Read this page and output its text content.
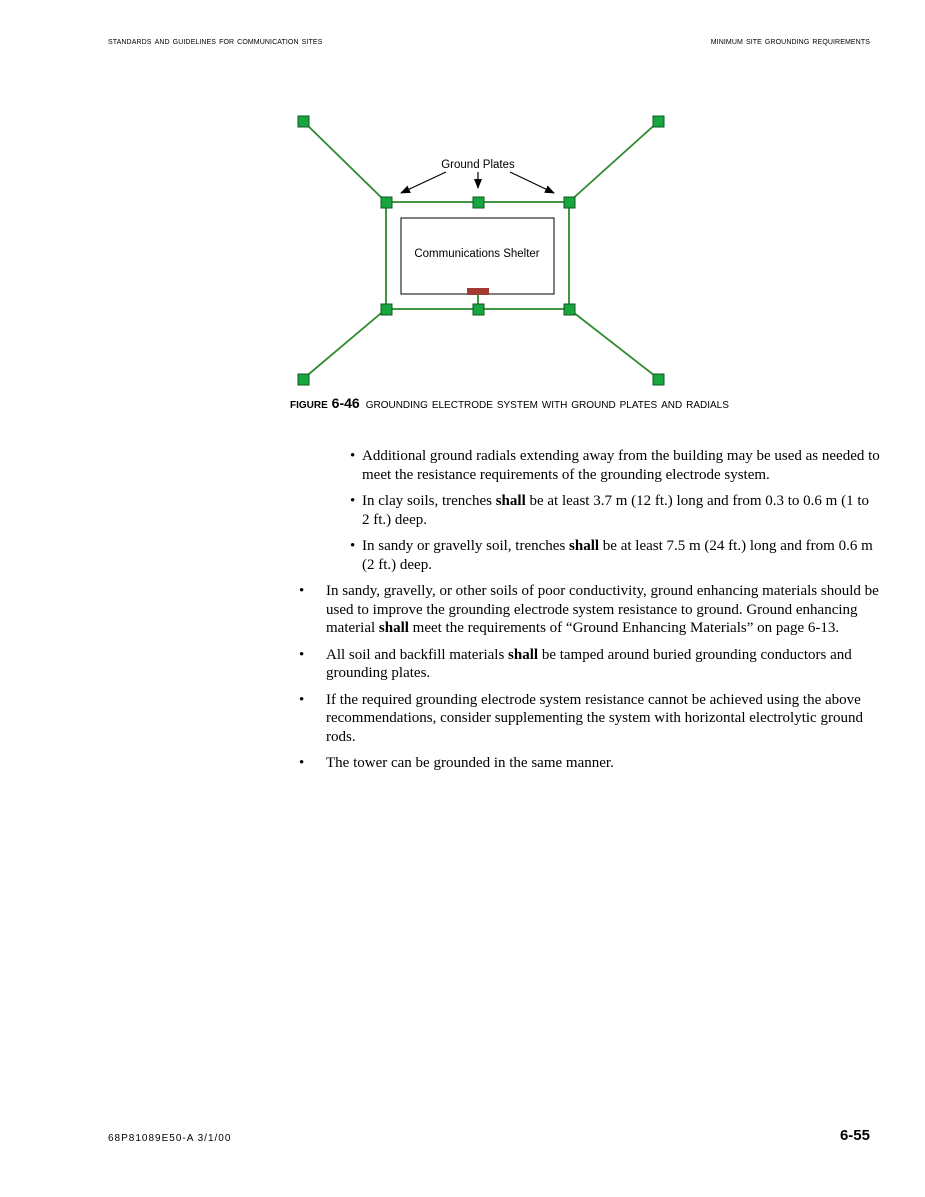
standards and guidelines for communication sites	minimum site grounding requirements
Communications Shelter
Ground Plates
figure 6-46 grounding electrode system with ground plates and radials
• Additional ground radials extending away from the building may be used as needed to meet the resistance requirements of the grounding electrode system.
• In clay soils, trenches shall be at least 3.7 m (12 ft.) long and from 0.3 to 0.6 m (1 to 2 ft.) deep.
• In sandy or gravelly soil, trenches shall be at least 7.5 m (24 ft.) long and from 0.6 m (2 ft.) deep.
• In sandy, gravelly, or other soils of poor conductivity, ground enhancing materials should be used to improve the grounding electrode system resistance to ground. Ground enhancing material shall meet the requirements of “Ground Enhancing Materials” on page 6-13.
• All soil and backfill materials shall be tamped around buried grounding conductors and grounding plates.
• If the required grounding electrode system resistance cannot be achieved using the above recommendations, consider supplementing the system with horizontal electrolytic ground rods.
• The tower can be grounded in the same manner.
68P81089E50-A 3/1/00	6-55
